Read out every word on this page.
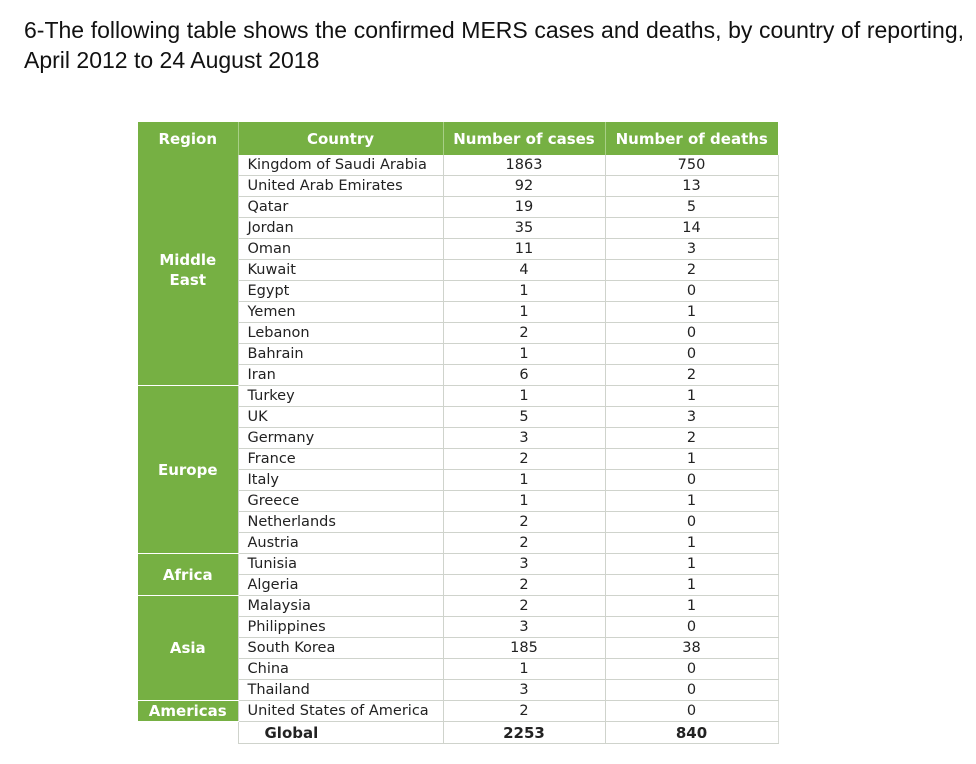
6-The following table shows the confirmed MERS cases and deaths, by country of reporting, April 2012 to 24 August 2018
Region	Country	Number of cases	Number of deaths

Middle East	Kingdom of Saudi Arabia	1863	750
	United Arab Emirates	92	13
	Qatar	19	5
	Jordan	35	14
	Oman	11	3
	Kuwait	4	2
	Egypt	1	0
	Yemen	1	1
	Lebanon	2	0
	Bahrain	1	0
	Iran	6	2
Europe	Turkey	1	1
	UK	5	3
	Germany	3	2
	France	2	1
	Italy	1	0
	Greece	1	1
	Netherlands	2	0
	Austria	2	1
Africa	Tunisia	3	1
	Algeria	2	1
Asia	Malaysia	2	1
	Philippines	3	0
	South Korea	185	38
	China	1	0
	Thailand	3	0
Americas	United States of America	2	0
	Global	2253	840
